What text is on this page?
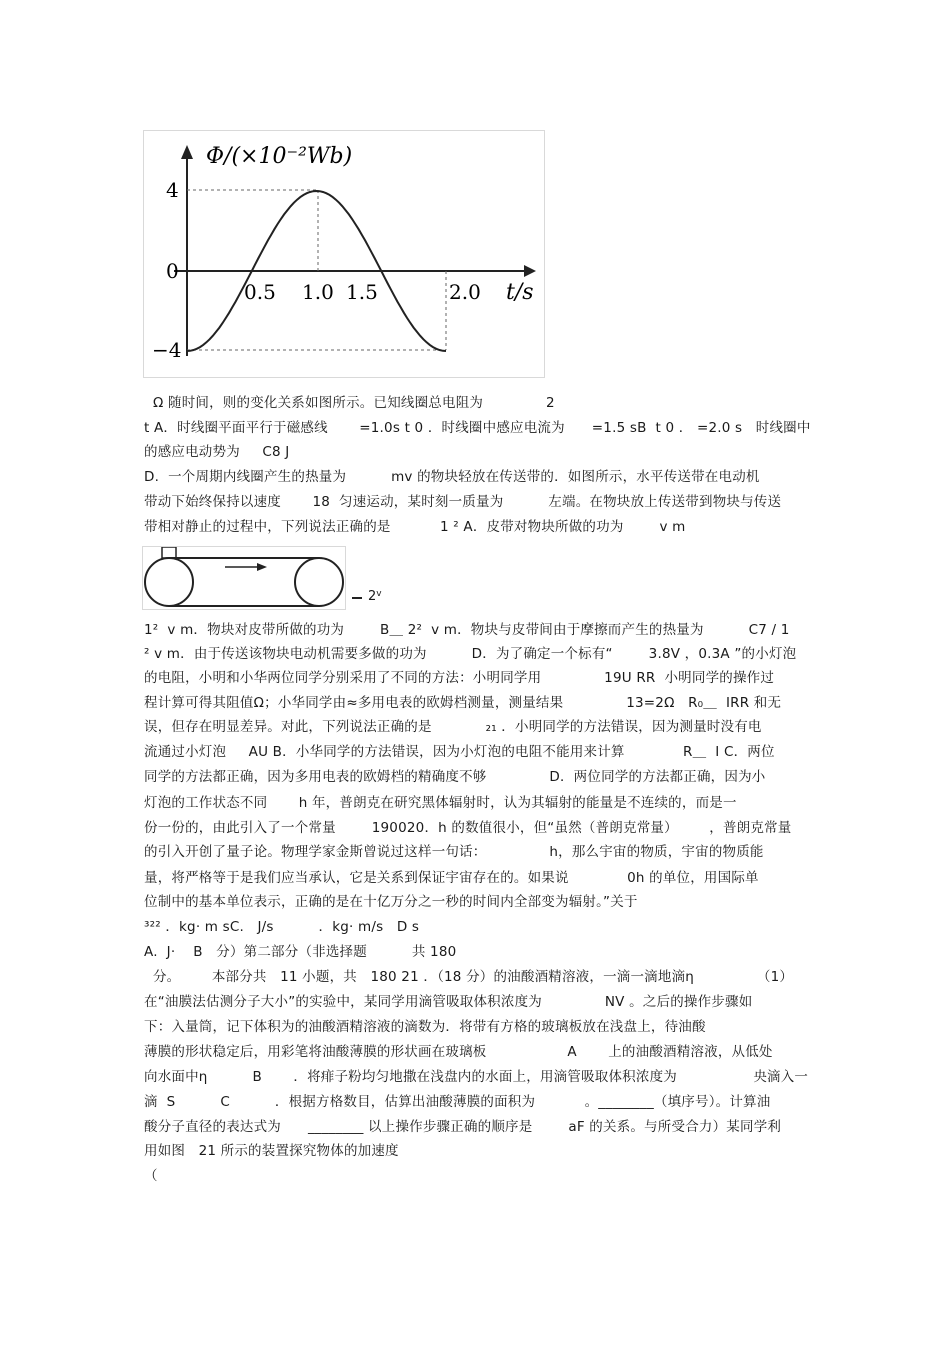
Φ/(×10⁻²Wb)
4
0
−4
0.5 1.0 1.5	2.0 t/s
2$^v$
Ω 随时间，则的变化关系如图所示。已知线圈总电阻为              2
t A．时线圈平面平行于磁感线       =1.0s t 0 ．时线圈中感应电流为      =1.5 sB  t 0 ． =2.0 s   时线圈中
的感应电动势为     C8 J
D.  一个周期内线圈产生的热量为          mv 的物块轻放在传送带的．如图所示，水平传送带在电动机
带动下始终保持以速度       18  匀速运动，某时刻一质量为          左端。在物块放上传送带到物块与传送
带相对静止的过程中，下列说法正确的是           1 ² A．皮带对物块所做的功为        v m
1²  v m．物块对皮带所做的功为        B＿ 2²  v m．物块与皮带间由于摩擦而产生的热量为          C7 / 1
² v m．由于传送该物块电动机需要多做的功为          D．为了确定一个标有“        3.8V ，0.3A ”的小灯泡
的电阻，小明和小华两位同学分别采用了不同的方法：小明同学用              19U RR  小明同学的操作过
程计算可得其阻值Ω；小华同学由≈多用电表的欧姆档测量，测量结果              13=2Ω   R₀＿  IRR 和无
误，但存在明显差异。对此，下列说法正确的是            ₂₁ ．小明同学的方法错误，因为测量时没有电
流通过小灯泡     AU B．小华同学的方法错误，因为小灯泡的电阻不能用来计算             R＿  I C．两位
同学的方法都正确，因为多用电表的欧姆档的精确度不够              D．两位同学的方法都正确，因为小
灯泡的工作状态不同       h 年，普朗克在研究黑体辐射时，认为其辐射的能量是不连续的，而是一
份一份的，由此引入了一个常量        190020．h 的数值很小，但“虽然（普朗克常量）       ，普朗克常量
的引入开创了量子论。物理学家金斯曾说过这样一句话：              h，那么宇宙的物质，宇宙的物质能
量，将严格等于是我们应当承认，它是关系到保证宇宙存在的。如果说             0h 的单位，用国际单
位制中的基本单位表示，正确的是在十亿万分之一秒的时间内全部变为辐射。”关于
³²² ．kg· m sC.   J/s          ．kg· m/s   D s
A.  J·    B   分）第二部分（非选择题          共 180
分。       本部分共   11 小题，共   180 21 ．（18 分）的油酸酒精溶液，一滴一滴地滴η              （1）
在“油膜法估测分子大小”的实验中，某同学用滴管吸取体积浓度为              NV 。之后的操作步骤如
下：入量筒，记下体积为的油酸酒精溶液的滴数为．将带有方格的玻璃板放在浅盘上，待油酸
薄膜的形状稳定后，用彩笔将油酸薄膜的形状画在玻璃板                  A       上的油酸酒精溶液，从低处
向水面中η          B       ．将痱子粉均匀地撒在浅盘内的水面上，用滴管吸取体积浓度为                 央滴入一
滴  S          C          ．根据方格数目，估算出油酸薄膜的面积为           。________（填序号）。计算油
酸分子直径的表达式为      ________ 以上操作步骤正确的顺序是        aF 的关系。与所受合力）某同学利
用如图   21 所示的装置探究物体的加速度
（
